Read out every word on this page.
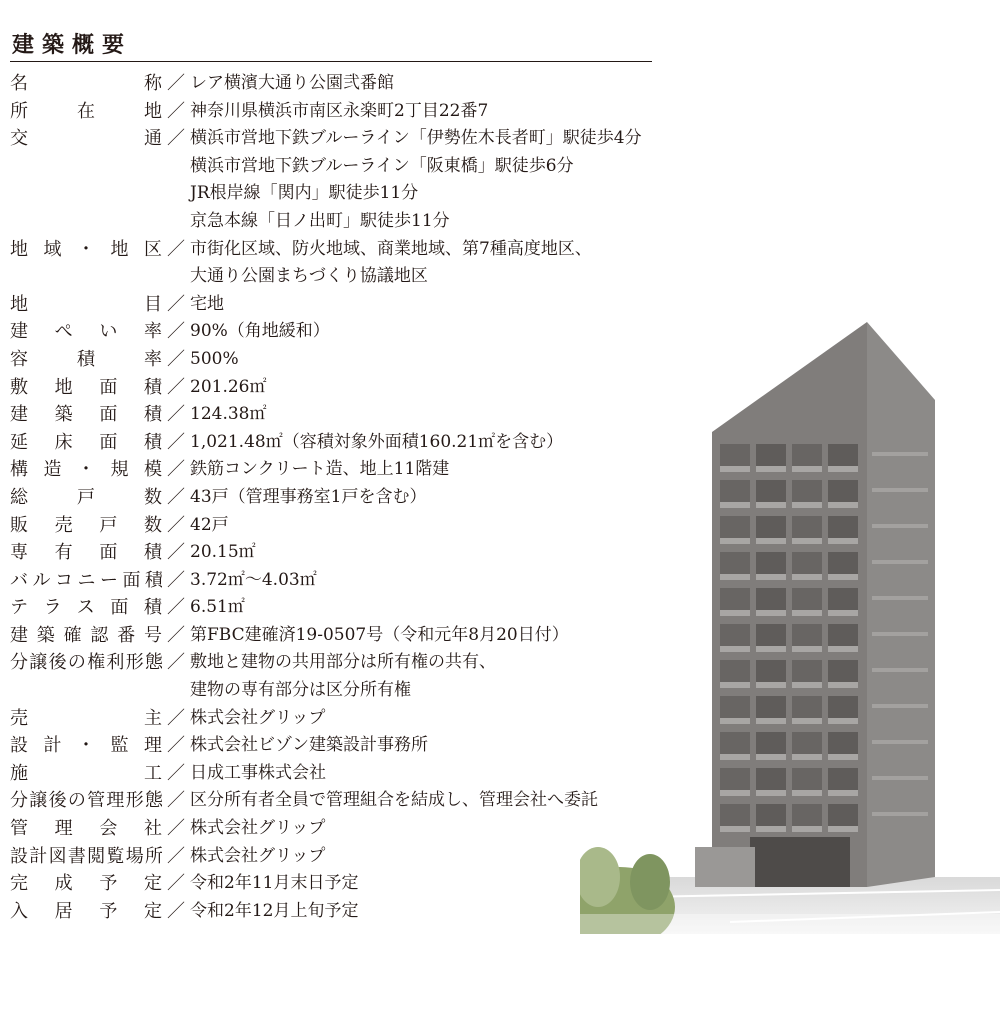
建築概要
名称 ／ レア横濱大通り公園弐番館
所在地 ／ 神奈川県横浜市南区永楽町2丁目22番7
交通 ／ 横浜市営地下鉄ブルーライン「伊勢佐木長者町」駅徒歩4分
横浜市営地下鉄ブルーライン「阪東橋」駅徒歩6分
JR根岸線「関内」駅徒歩11分
京急本線「日ノ出町」駅徒歩11分
地域・地区 ／ 市街化区域、防火地域、商業地域、第7種高度地区、
大通り公園まちづくり協議地区
地目 ／ 宅地
建ぺい率 ／ 90%（角地緩和）
容積率 ／ 500%
敷地面積 ／ 201.26㎡
建築面積 ／ 124.38㎡
延床面積 ／ 1,021.48㎡（容積対象外面積160.21㎡を含む）
構造・規模 ／ 鉄筋コンクリート造、地上11階建
総戸数 ／ 43戸（管理事務室1戸を含む）
販売戸数 ／ 42戸
専有面積 ／ 20.15㎡
バルコニー面積 ／ 3.72㎡～4.03㎡
テラス面積 ／ 6.51㎡
建築確認番号 ／ 第FBC建確済19-0507号（令和元年8月20日付）
分譲後の権利形態 ／ 敷地と建物の共用部分は所有権の共有、
建物の専有部分は区分所有権
売主 ／ 株式会社グリップ
設計・監理 ／ 株式会社ビゾン建築設計事務所
施工 ／ 日成工事株式会社
分譲後の管理形態 ／ 区分所有者全員で管理組合を結成し、管理会社へ委託
管理会社 ／ 株式会社グリップ
設計図書閲覧場所 ／ 株式会社グリップ
完成予定 ／ 令和2年11月末日予定
入居予定 ／ 令和2年12月上旬予定
